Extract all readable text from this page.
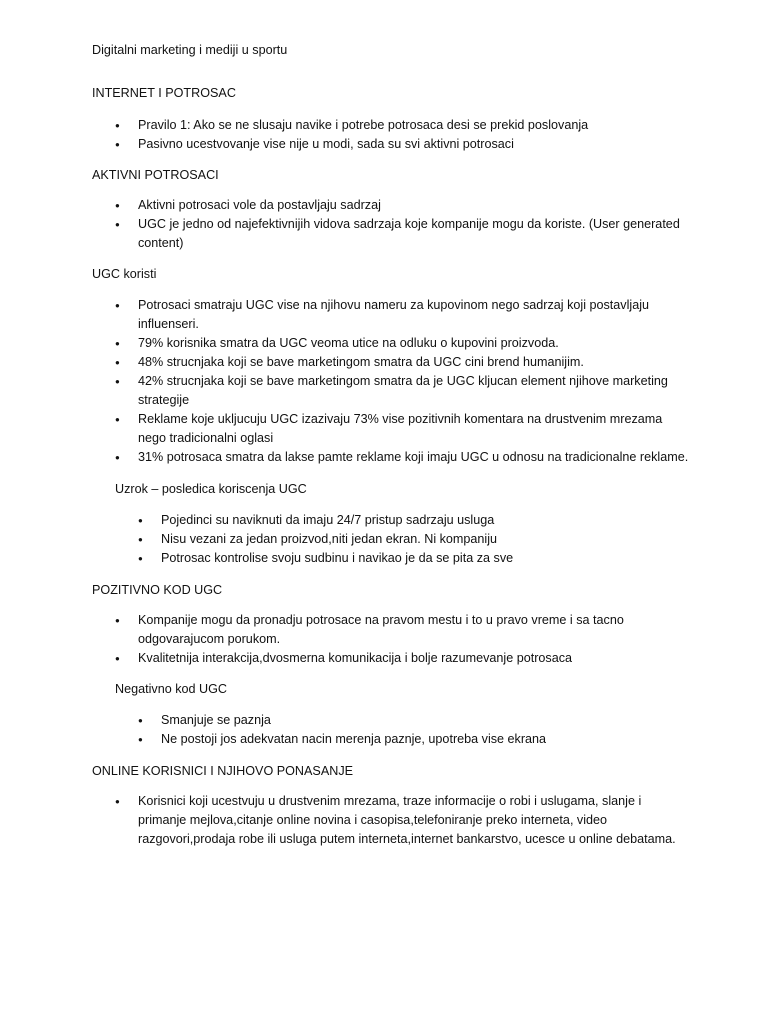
Digitalni marketing i mediji u sportu

INTERNET I POTROSAC

● Pravilo 1: Ako se ne slusaju navike i potrebe potrosaca desi se prekid poslovanja
● Pasivno ucestvovanje vise nije u modi, sada su svi aktivni potrosaci

AKTIVNI POTROSACI

● Aktivni potrosaci vole da postavljaju sadrzaj
● UGC je jedno od najefektivnijih vidova sadrzaja koje kompanije mogu da koriste. (User generated content)

UGC koristi

● Potrosaci smatraju UGC vise na njihovu nameru za kupovinom nego sadrzaj koji postavljaju influenseri.
● 79% korisnika smatra da UGC veoma utice na odluku o kupovini proizvoda.
● 48% strucnjaka koji se bave marketingom smatra da UGC cini brend humanijim.
● 42% strucnjaka koji se bave marketingom smatra da je UGC kljucan element njihove marketing strategije
● Reklame koje ukljucuju UGC izazivaju 73% vise pozitivnih komentara na drustvenim mrezama nego tradicionalni oglasi
● 31% potrosaca smatra da lakse pamte reklame koji imaju UGC u odnosu na tradicionalne reklame.

Uzrok – posledica koriscenja UGC

● Pojedinci su naviknuti da imaju 24/7 pristup sadrzaju usluga
● Nisu vezani za jedan proizvod,niti jedan ekran. Ni kompaniju
● Potrosac kontrolise svoju sudbinu i navikao je da se pita za sve

POZITIVNO KOD UGC

● Kompanije mogu da pronadju potrosace na pravom mestu i to u pravo vreme i sa tacno odgovarajucom porukom.
● Kvalitetnija interakcija,dvosmerna komunikacija i bolje razumevanje potrosaca

Negativno kod UGC

● Smanjuje se paznja
● Ne postoji jos adekvatan nacin merenja paznje, upotreba vise ekrana

ONLINE KORISNICI I NJIHOVO PONASANJE

● Korisnici koji ucestvuju u drustvenim mrezama, traze informacije o robi i uslugama, slanje i primanje mejlova,citanje online novina i casopisa,telefoniranje preko interneta, video razgovori,prodaja robe ili usluga putem interneta,internet bankarstvo, ucesce u online debatama.
